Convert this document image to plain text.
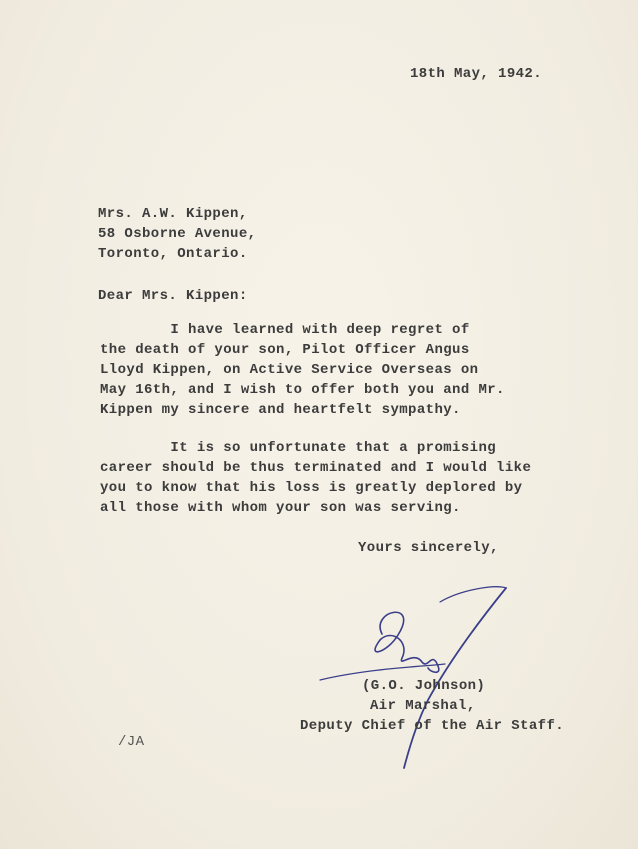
18th May, 1942.
Mrs. A.W. Kippen,
58 Osborne Avenue,
Toronto, Ontario.
Dear Mrs. Kippen:
I have learned with deep regret of
the death of your son, Pilot Officer Angus
Lloyd Kippen, on Active Service Overseas on
May 16th, and I wish to offer both you and Mr.
Kippen my sincere and heartfelt sympathy.
It is so unfortunate that a promising
career should be thus terminated and I would like
you to know that his loss is greatly deplored by
all those with whom your son was serving.
Yours sincerely,
(G.O. Johnson)
Air Marshal,
Deputy Chief of the Air Staff.
/JA
